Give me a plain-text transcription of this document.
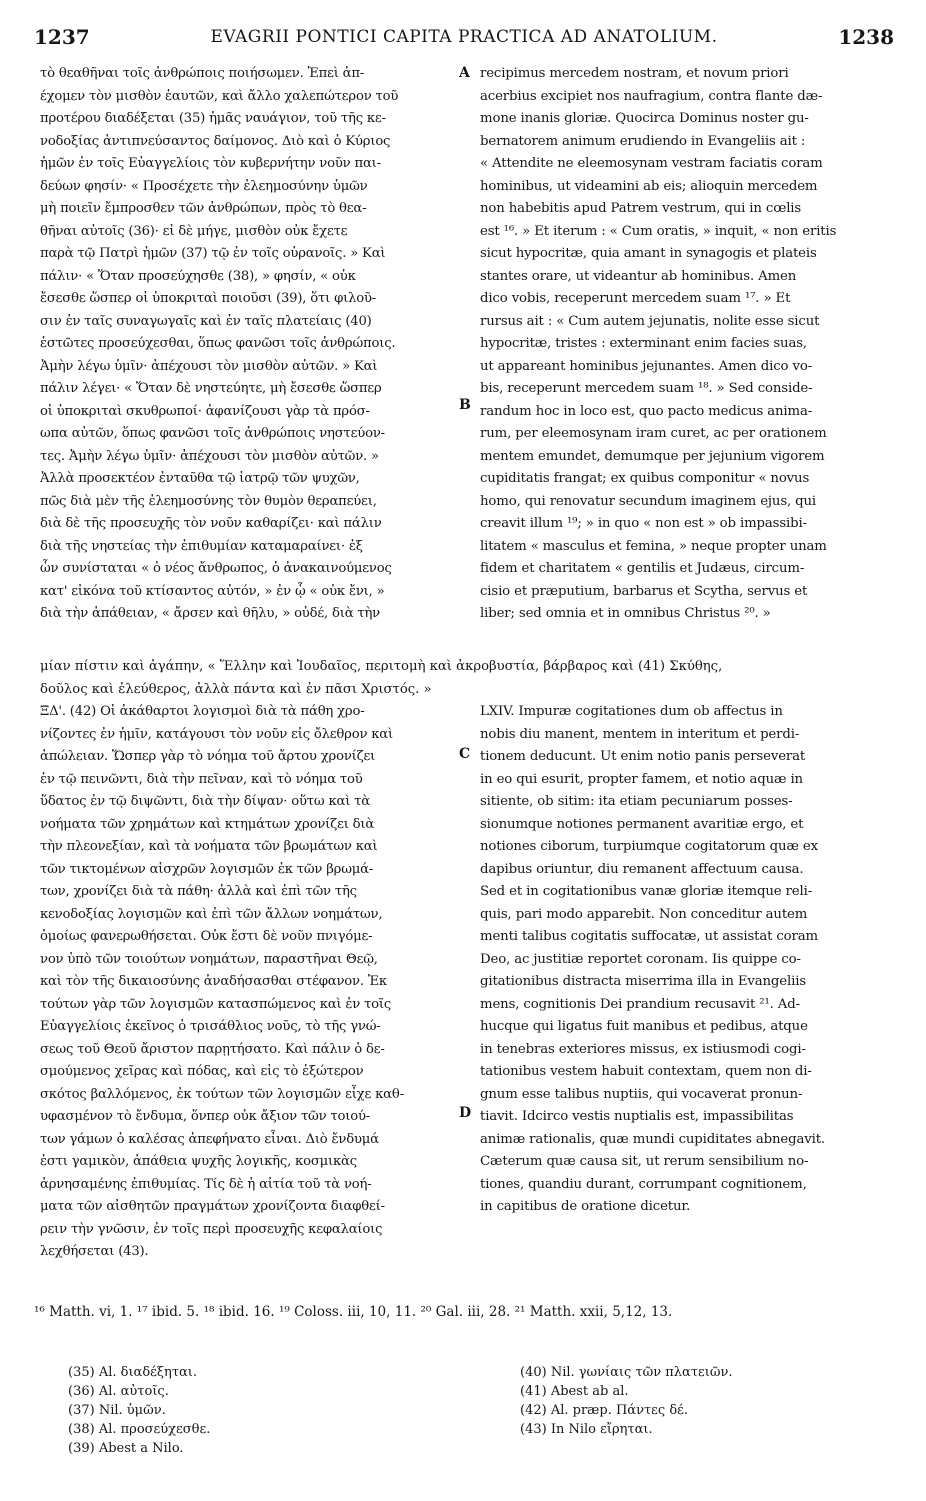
1237	EVAGRII PONTICI CAPITA PRACTICA AD ANATOLIUM.	1238
A
B
C
D
τὸ θεαθῆναι τοῖς ἀνθρώποις ποιήσωμεν. Ἐπεὶ ἀπ-
έχομεν τὸν μισθὸν ἑαυτῶν, καὶ ἄλλο χαλεπώτερον τοῦ
προτέρου διαδέξεται (35) ἡμᾶς ναυάγιον, τοῦ τῆς κε-
νοδοξίας ἀντιπνεύσαντος δαίμονος. Διὸ καὶ ὁ Κύριος
ἡμῶν ἐν τοῖς Εὐαγγελίοις τὸν κυβερνήτην νοῦν παι-
δεύων φησίν· « Προσέχετε τὴν ἐλεημοσύνην ὑμῶν
μὴ ποιεῖν ἔμπροσθεν τῶν ἀνθρώπων, πρὸς τὸ θεα-
θῆναι αὐτοῖς (36)· εἰ δὲ μήγε, μισθὸν οὐκ ἔχετε
παρὰ τῷ Πατρὶ ἡμῶν (37) τῷ ἐν τοῖς οὐρανοῖς. » Καὶ
πάλιν· « Ὅταν προσεύχησθε (38), » φησίν, « οὐκ
ἔσεσθε ὥσπερ οἱ ὑποκριταὶ ποιοῦσι (39), ὅτι φιλοῦ-
σιν ἐν ταῖς συναγωγαῖς καὶ ἐν ταῖς πλατείαις (40)
ἑστῶτες προσεύχεσθαι, ὅπως φανῶσι τοῖς ἀνθρώποις.
Ἀμὴν λέγω ὑμῖν· ἀπέχουσι τὸν μισθὸν αὐτῶν. » Καὶ
πάλιν λέγει· « Ὅταν δὲ νηστεύητε, μὴ ἔσεσθε ὥσπερ
οἱ ὑποκριταὶ σκυθρωποί· ἀφανίζουσι γὰρ τὰ πρόσ-
ωπα αὐτῶν, ὅπως φανῶσι τοῖς ἀνθρώποις νηστεύον-
τες. Ἀμὴν λέγω ὑμῖν· ἀπέχουσι τὸν μισθὸν αὐτῶν. »
Ἀλλὰ προσεκτέον ἐνταῦθα τῷ ἰατρῷ τῶν ψυχῶν,
πῶς διὰ μὲν τῆς ἐλεημοσύνης τὸν θυμὸν θεραπεύει,
διὰ δὲ τῆς προσευχῆς τὸν νοῦν καθαρίζει· καὶ πάλιν
διὰ τῆς νηστείας τὴν ἐπιθυμίαν καταμαραίνει· ἐξ
ὧν συνίσταται « ὁ νέος ἄνθρωπος, ὁ ἀνακαινούμενος
κατ' εἰκόνα τοῦ κτίσαντος αὐτόν, » ἐν ᾧ « οὐκ ἔνι, »
διὰ τὴν ἀπάθειαν, « ἄρσεν καὶ θῆλυ, » οὐδέ, διὰ τὴν
recipimus mercedem nostram, et novum priori
acerbius excipiet nos naufragium, contra flante dæ-
mone inanis gloriæ. Quocirca Dominus noster gu-
bernatorem animum erudiendo in Evangeliis ait :
« Attendite ne eleemosynam vestram faciatis coram
hominibus, ut videamini ab eis; alioquin mercedem
non habebitis apud Patrem vestrum, qui in cœlis
est ¹⁶. » Et iterum : « Cum oratis, » inquit, « non eritis
sicut hypocritæ, quia amant in synagogis et plateis
stantes orare, ut videantur ab hominibus. Amen
dico vobis, receperunt mercedem suam ¹⁷. » Et
rursus ait : « Cum autem jejunatis, nolite esse sicut
hypocritæ, tristes : exterminant enim facies suas,
ut appareant hominibus jejunantes. Amen dico vo-
bis, receperunt mercedem suam ¹⁸. » Sed conside-
randum hoc in loco est, quo pacto medicus anima-
rum, per eleemosynam iram curet, ac per orationem
mentem emundet, demumque per jejunium vigorem
cupiditatis frangat; ex quibus componitur « novus
homo, qui renovatur secundum imaginem ejus, qui
creavit illum ¹⁹; » in quo « non est » ob impassibi-
litatem « masculus et femina, » neque propter unam
fidem et charitatem « gentilis et Judæus, circum-
cisio et præputium, barbarus et Scytha, servus et
liber; sed omnia et in omnibus Christus ²⁰. »
μίαν πίστιν καὶ ἀγάπην, « Ἕλλην καὶ Ἰουδαῖος, περιτομὴ καὶ ἀκροβυστία, βάρβαρος καὶ (41) Σκύθης,
δοῦλος καὶ ἐλεύθερος, ἀλλὰ πάντα καὶ ἐν πᾶσι Χριστός. »
ΞΔ'. (42) Οἱ ἀκάθαρτοι λογισμοὶ διὰ τὰ πάθη χρο-
νίζοντες ἐν ἡμῖν, κατάγουσι τὸν νοῦν εἰς ὄλεθρον καὶ
ἀπώλειαν. Ὥσπερ γὰρ τὸ νόημα τοῦ ἄρτου χρονίζει
ἐν τῷ πεινῶντι, διὰ τὴν πεῖναν, καὶ τὸ νόημα τοῦ
ὕδατος ἐν τῷ διψῶντι, διὰ τὴν δίψαν· οὕτω καὶ τὰ
νοήματα τῶν χρημάτων καὶ κτημάτων χρονίζει διὰ
τὴν πλεονεξίαν, καὶ τὰ νοήματα τῶν βρωμάτων καὶ
τῶν τικτομένων αἰσχρῶν λογισμῶν ἐκ τῶν βρωμά-
των, χρονίζει διὰ τὰ πάθη· ἀλλὰ καὶ ἐπὶ τῶν τῆς
κενοδοξίας λογισμῶν καὶ ἐπὶ τῶν ἄλλων νοημάτων,
ὁμοίως φανερωθήσεται. Οὐκ ἔστι δὲ νοῦν πνιγόμε-
νον ὑπὸ τῶν τοιούτων νοημάτων, παραστῆναι Θεῷ,
καὶ τὸν τῆς δικαιοσύνης ἀναδήσασθαι στέφανον. Ἐκ
τούτων γὰρ τῶν λογισμῶν κατασπώμενος καὶ ἐν τοῖς
Εὐαγγελίοις ἐκεῖνος ὁ τρισάθλιος νοῦς, τὸ τῆς γνώ-
σεως τοῦ Θεοῦ ἄριστον παρῃτήσατο. Καὶ πάλιν ὁ δε-
σμούμενος χεῖρας καὶ πόδας, καὶ εἰς τὸ ἐξώτερον
σκότος βαλλόμενος, ἐκ τούτων τῶν λογισμῶν εἶχε καθ-
υφασμένον τὸ ἔνδυμα, ὅνπερ οὐκ ἄξιον τῶν τοιού-
των γάμων ὁ καλέσας ἀπεφήνατο εἶναι. Διὸ ἔνδυμά
ἐστι γαμικὸν, ἀπάθεια ψυχῆς λογικῆς, κοσμικὰς
ἀρνησαμένης ἐπιθυμίας. Τίς δὲ ἡ αἰτία τοῦ τὰ νοή-
ματα τῶν αἰσθητῶν πραγμάτων χρονίζοντα διαφθεί-
ρειν τὴν γνῶσιν, ἐν τοῖς περὶ προσευχῆς κεφαλαίοις
λεχθήσεται (43).
LXIV. Impuræ cogitationes dum ob affectus in
nobis diu manent, mentem in interitum et perdi-
tionem deducunt. Ut enim notio panis perseverat
in eo qui esurit, propter famem, et notio aquæ in
sitiente, ob sitim: ita etiam pecuniarum posses-
sionumque notiones permanent avaritiæ ergo, et
notiones ciborum, turpiumque cogitatorum quæ ex
dapibus oriuntur, diu remanent affectuum causa.
Sed et in cogitationibus vanæ gloriæ itemque reli-
quis, pari modo apparebit. Non conceditur autem
menti talibus cogitatis suffocatæ, ut assistat coram
Deo, ac justitiæ reportet coronam. Iis quippe co-
gitationibus distracta miserrima illa in Evangeliis
mens, cognitionis Dei prandium recusavit ²¹. Ad-
hucque qui ligatus fuit manibus et pedibus, atque
in tenebras exteriores missus, ex istiusmodi cogi-
tationibus vestem habuit contextam, quem non di-
gnum esse talibus nuptiis, qui vocaverat pronun-
tiavit. Idcirco vestis nuptialis est, impassibilitas
animæ rationalis, quæ mundi cupiditates abnegavit.
Cæterum quæ causa sit, ut rerum sensibilium no-
tiones, quandiu durant, corrumpant cognitionem,
in capitibus de oratione dicetur.
¹⁶ Matth. vi, 1. ¹⁷ ibid. 5. ¹⁸ ibid. 16. ¹⁹ Coloss. iii, 10, 11. ²⁰ Gal. iii, 28. ²¹ Matth. xxii, 5,12, 13.
(35) Al. διαδέξηται.
(36) Al. αὐτοῖς.
(37) Nil. ὑμῶν.
(38) Al. προσεύχεσθε.
(39) Abest a Nilo.
(40) Nil. γωνίαις τῶν πλατειῶν.
(41) Abest ab al.
(42) Al. præp. Πάντες δέ.
(43) In Nilo εἴρηται.
